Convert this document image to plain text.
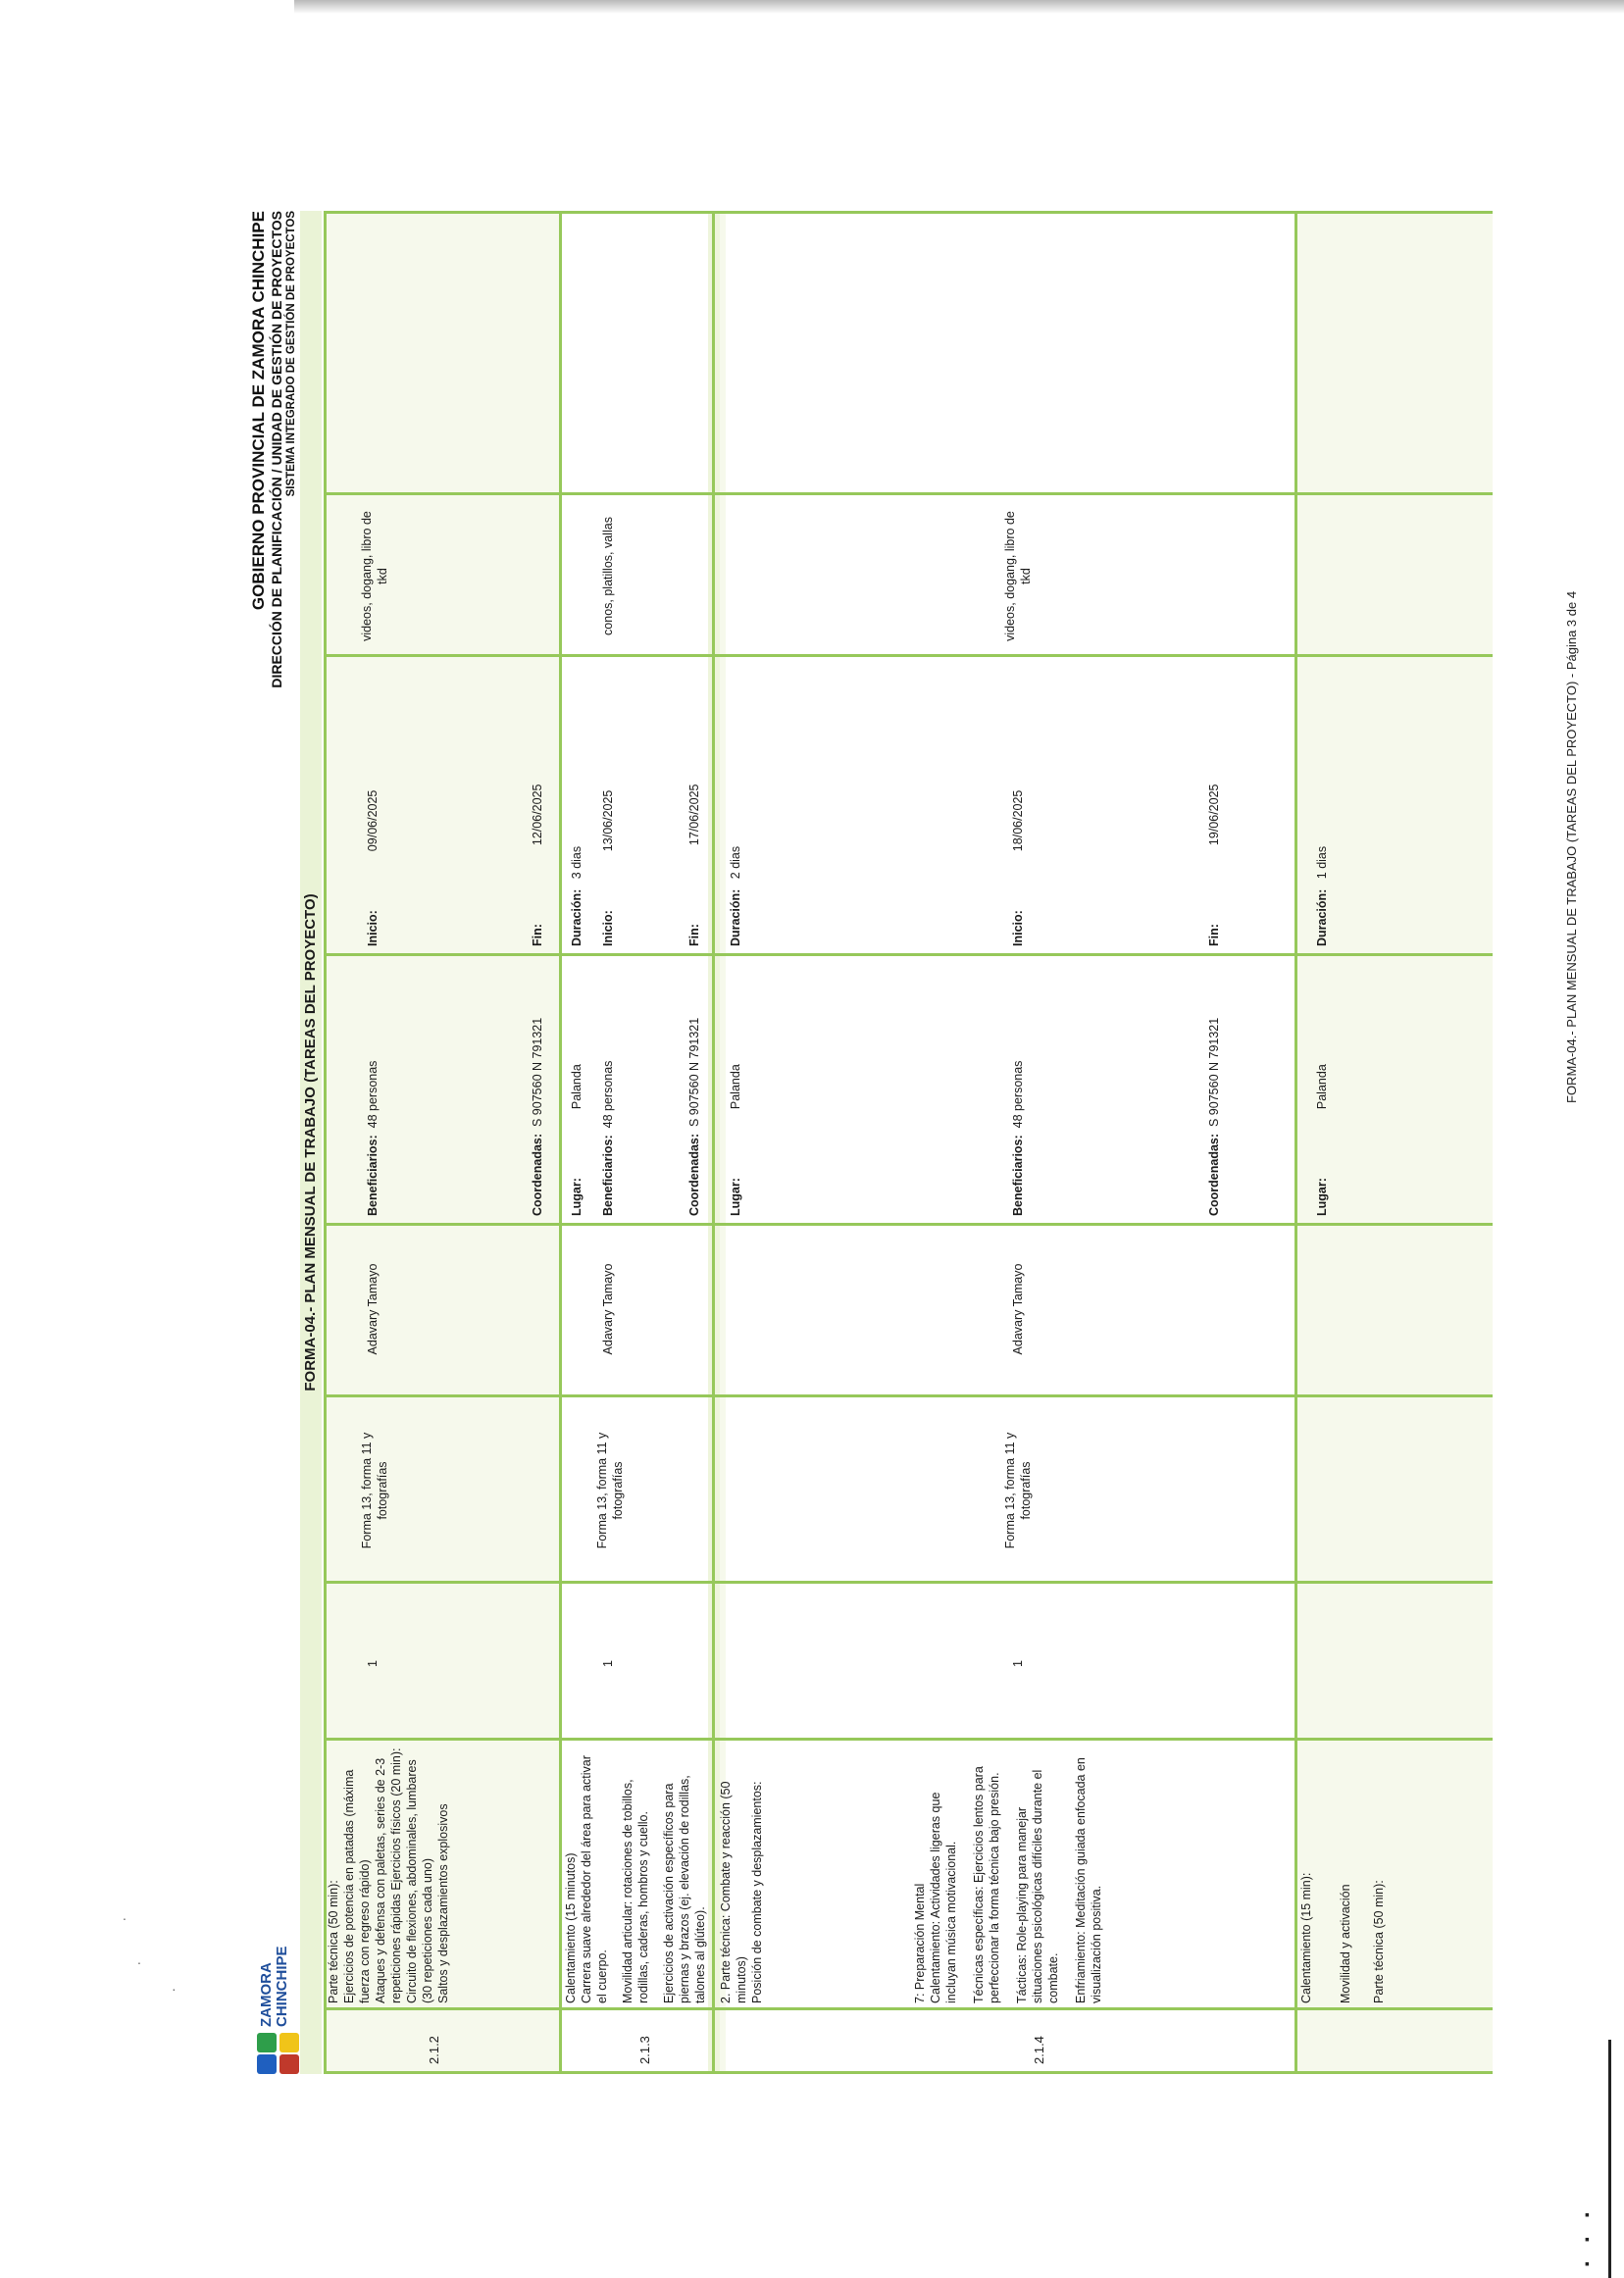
.
.
·	ZAMORA CHINCHIPE
GOBIERNO PROVINCIAL DE ZAMORA CHINCHIPE DIRECCIÓN DE PLANIFICACIÓN / UNIDAD DE GESTIÓN DE PROYECTOS SISTEMA INTEGRADO DE GESTIÓN DE PROYECTOS
FORMA-04.- PLAN MENSUAL DE TRABAJO (TAREAS DEL PROYECTO)
2.1.2
Parte técnica (50 min): Ejercicios de potencia en patadas (máxima fuerza con regreso rápido) Ataques y defensa con paletas, series de 2-3 repeticiones rápidas Ejercicios físicos (20 min): Circuito de flexiones, abdominales, lumbares (30 repeticiones cada uno) Saltos y desplazamientos explosivos
1
Forma 13, forma 11 y fotografías
Adavary Tamayo
Beneficiarios:  48 personas
Coordenadas:  S 907560 N 791321
Inicio:09/06/2025
Fin:12/06/2025
videos, dogang, libro de tkd
Lugar:Palanda
Duración:   3 dias
2.1.3
Calentamiento (15 minutos) Carrera suave alrededor del área para activar el cuerpo. Movilidad articular: rotaciones de tobillos, rodillas, caderas, hombros y cuello. Ejercicios de activación específicos para piernas y brazos (ej. elevación de rodillas, talones al glúteo). 2. Parte técnica: Combate y reacción (50 minutos) Posición de combate y desplazamientos:
1
Forma 13, forma 11 y fotografías
Adavary Tamayo
Beneficiarios:  48 personas
Coordenadas:  S 907560 N 791321
Inicio:13/06/2025
Fin:17/06/2025
conos, platillos, vallas
Lugar:Palanda
Duración:   2 dias
2.1.4
7: Preparación Mental Calentamiento: Actividades ligeras que incluyan música motivacional. Técnicas específicas: Ejercicios lentos para perfeccionar la forma técnica bajo presión. Tácticas: Role-playing para manejar situaciones psicológicas difíciles durante el combate. Enfriamiento: Meditación guiada enfocada en visualización positiva.
1
Forma 13, forma 11 y fotografías
Adavary Tamayo
Beneficiarios:  48 personas
Coordenadas:  S 907560 N 791321
Inicio:18/06/2025
Fin:19/06/2025
videos, dogang, libro de tkd
Calentamiento (15 min): Movilidad y activación Parte técnica (50 min):
Lugar:Palanda
Duración:   1 dias	FORMA-04.- PLAN MENSUAL DE TRABAJO (TAREAS DEL PROYECTO) - Página 3 de 4
▪
▪
▪
